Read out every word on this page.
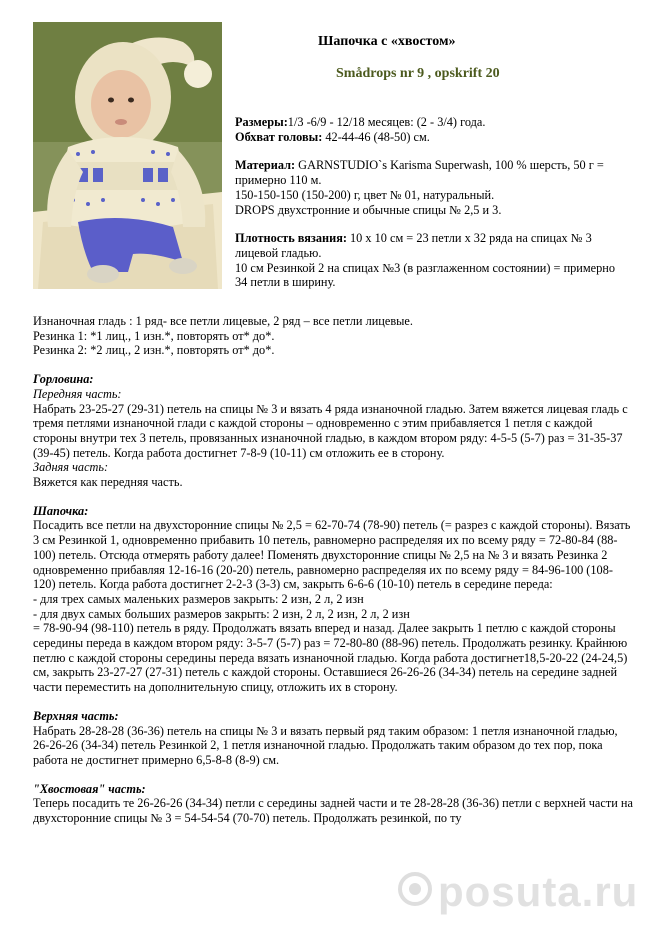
Шапочка с «хвостом»
Smådrops nr 9 , opskrift 20

Размеры:1/3 -6/9 - 12/18 месяцев: (2 - 3/4) года.

Обхват головы: 42-44-46 (48-50) см.

Материал: GARNSTUDIO`s Karisma Superwash, 100 % шерсть, 50 г = примерно 110 м.

150-150-150 (150-200) г, цвет № 01, натуральный.

DROPS двухстронние и обычные спицы № 2,5 и 3.

Плотность вязания: 10 x 10 см = 23 петли x 32 ряда на спицах № 3 лицевой гладью.

10 см Резинкой 2 на спицах №3 (в разглаженном состоянии) = примерно 34 петли в ширину.

Изнаночная гладь : 1 ряд- все петли лицевые, 2 ряд – все петли лицевые.

Резинка 1: *1 лиц., 1 изн.*, повторять от* до*.

Резинка 2: *2 лиц., 2 изн.*, повторять от* до*.

Горловина:

Передняя часть:

Набрать 23-25-27 (29-31) петель на спицы № 3 и вязать 4 ряда изнаночной гладью. Затем вяжется лицевая гладь с тремя петлями изнаночной глади с каждой стороны – одновременно с этим прибавляется 1 петля с каждой стороны внутри тех 3 петель, провязанных изнаночной гладью, в каждом втором ряду: 4-5-5 (5-7) раз = 31-35-37 (39-45) петель. Когда работа достигнет 7-8-9 (10-11) см отложить ее в сторону.

Задняя часть:

Вяжется как передняя часть.

Шапочка:

Посадить все петли на двухсторонние спицы № 2,5 = 62-70-74 (78-90) петель (= разрез с каждой стороны). Вязать 3 см Резинкой 1, одновременно прибавить 10 петель, равномерно распределяя их по всему ряду = 72-80-84 (88-100) петель. Отсюда отмерять работу далее! Поменять двухсторонние спицы № 2,5 на № 3 и вязать Резинка 2 одновременно прибавляя 12-16-16 (20-20) петель, равномерно распределяя их по всему ряду = 84-96-100 (108-120) петель. Когда работа достигнет 2-2-3 (3-3) см, закрыть 6-6-6 (10-10) петель в середине переда:

- для трех самых маленьких размеров закрыть: 2 изн, 2 л, 2 изн

- для двух самых больших размеров закрыть: 2 изн, 2 л, 2 изн, 2 л, 2 изн

= 78-90-94 (98-110) петель в ряду. Продолжать вязать вперед и назад. Далее закрыть 1 петлю с каждой стороны середины переда в каждом втором ряду: 3-5-7 (5-7) раз = 72-80-80 (88-96) петель. Продолжать резинку. Крайнюю петлю с каждой стороны середины переда вязать изнаночной гладью. Когда работа достигнет18,5-20-22 (24-24,5) см, закрыть 23-27-27 (27-31) петель с каждой стороны. Оставшиеся 26-26-26 (34-34) петель на середине задней части переместить на дополнительную спицу, отложить их в сторону.

Верхняя часть:

Набрать 28-28-28 (36-36) петель на спицы № 3 и вязать первый ряд таким образом: 1 петля изнаночной гладью, 26-26-26 (34-34) петель Резинкой 2, 1 петля изнаночной гладью. Продолжать таким образом до тех пор, пока работа не достигнет примерно 6,5-8-8 (8-9) см.

"Хвостовая" часть:

Теперь посадить те 26-26-26 (34-34) петли с середины задней части и те 28-28-28 (36-36) петли с верхней части на двухсторонние спицы № 3 = 54-54-54 (70-70) петель. Продолжать резинкой, по ту

posuta.ru
